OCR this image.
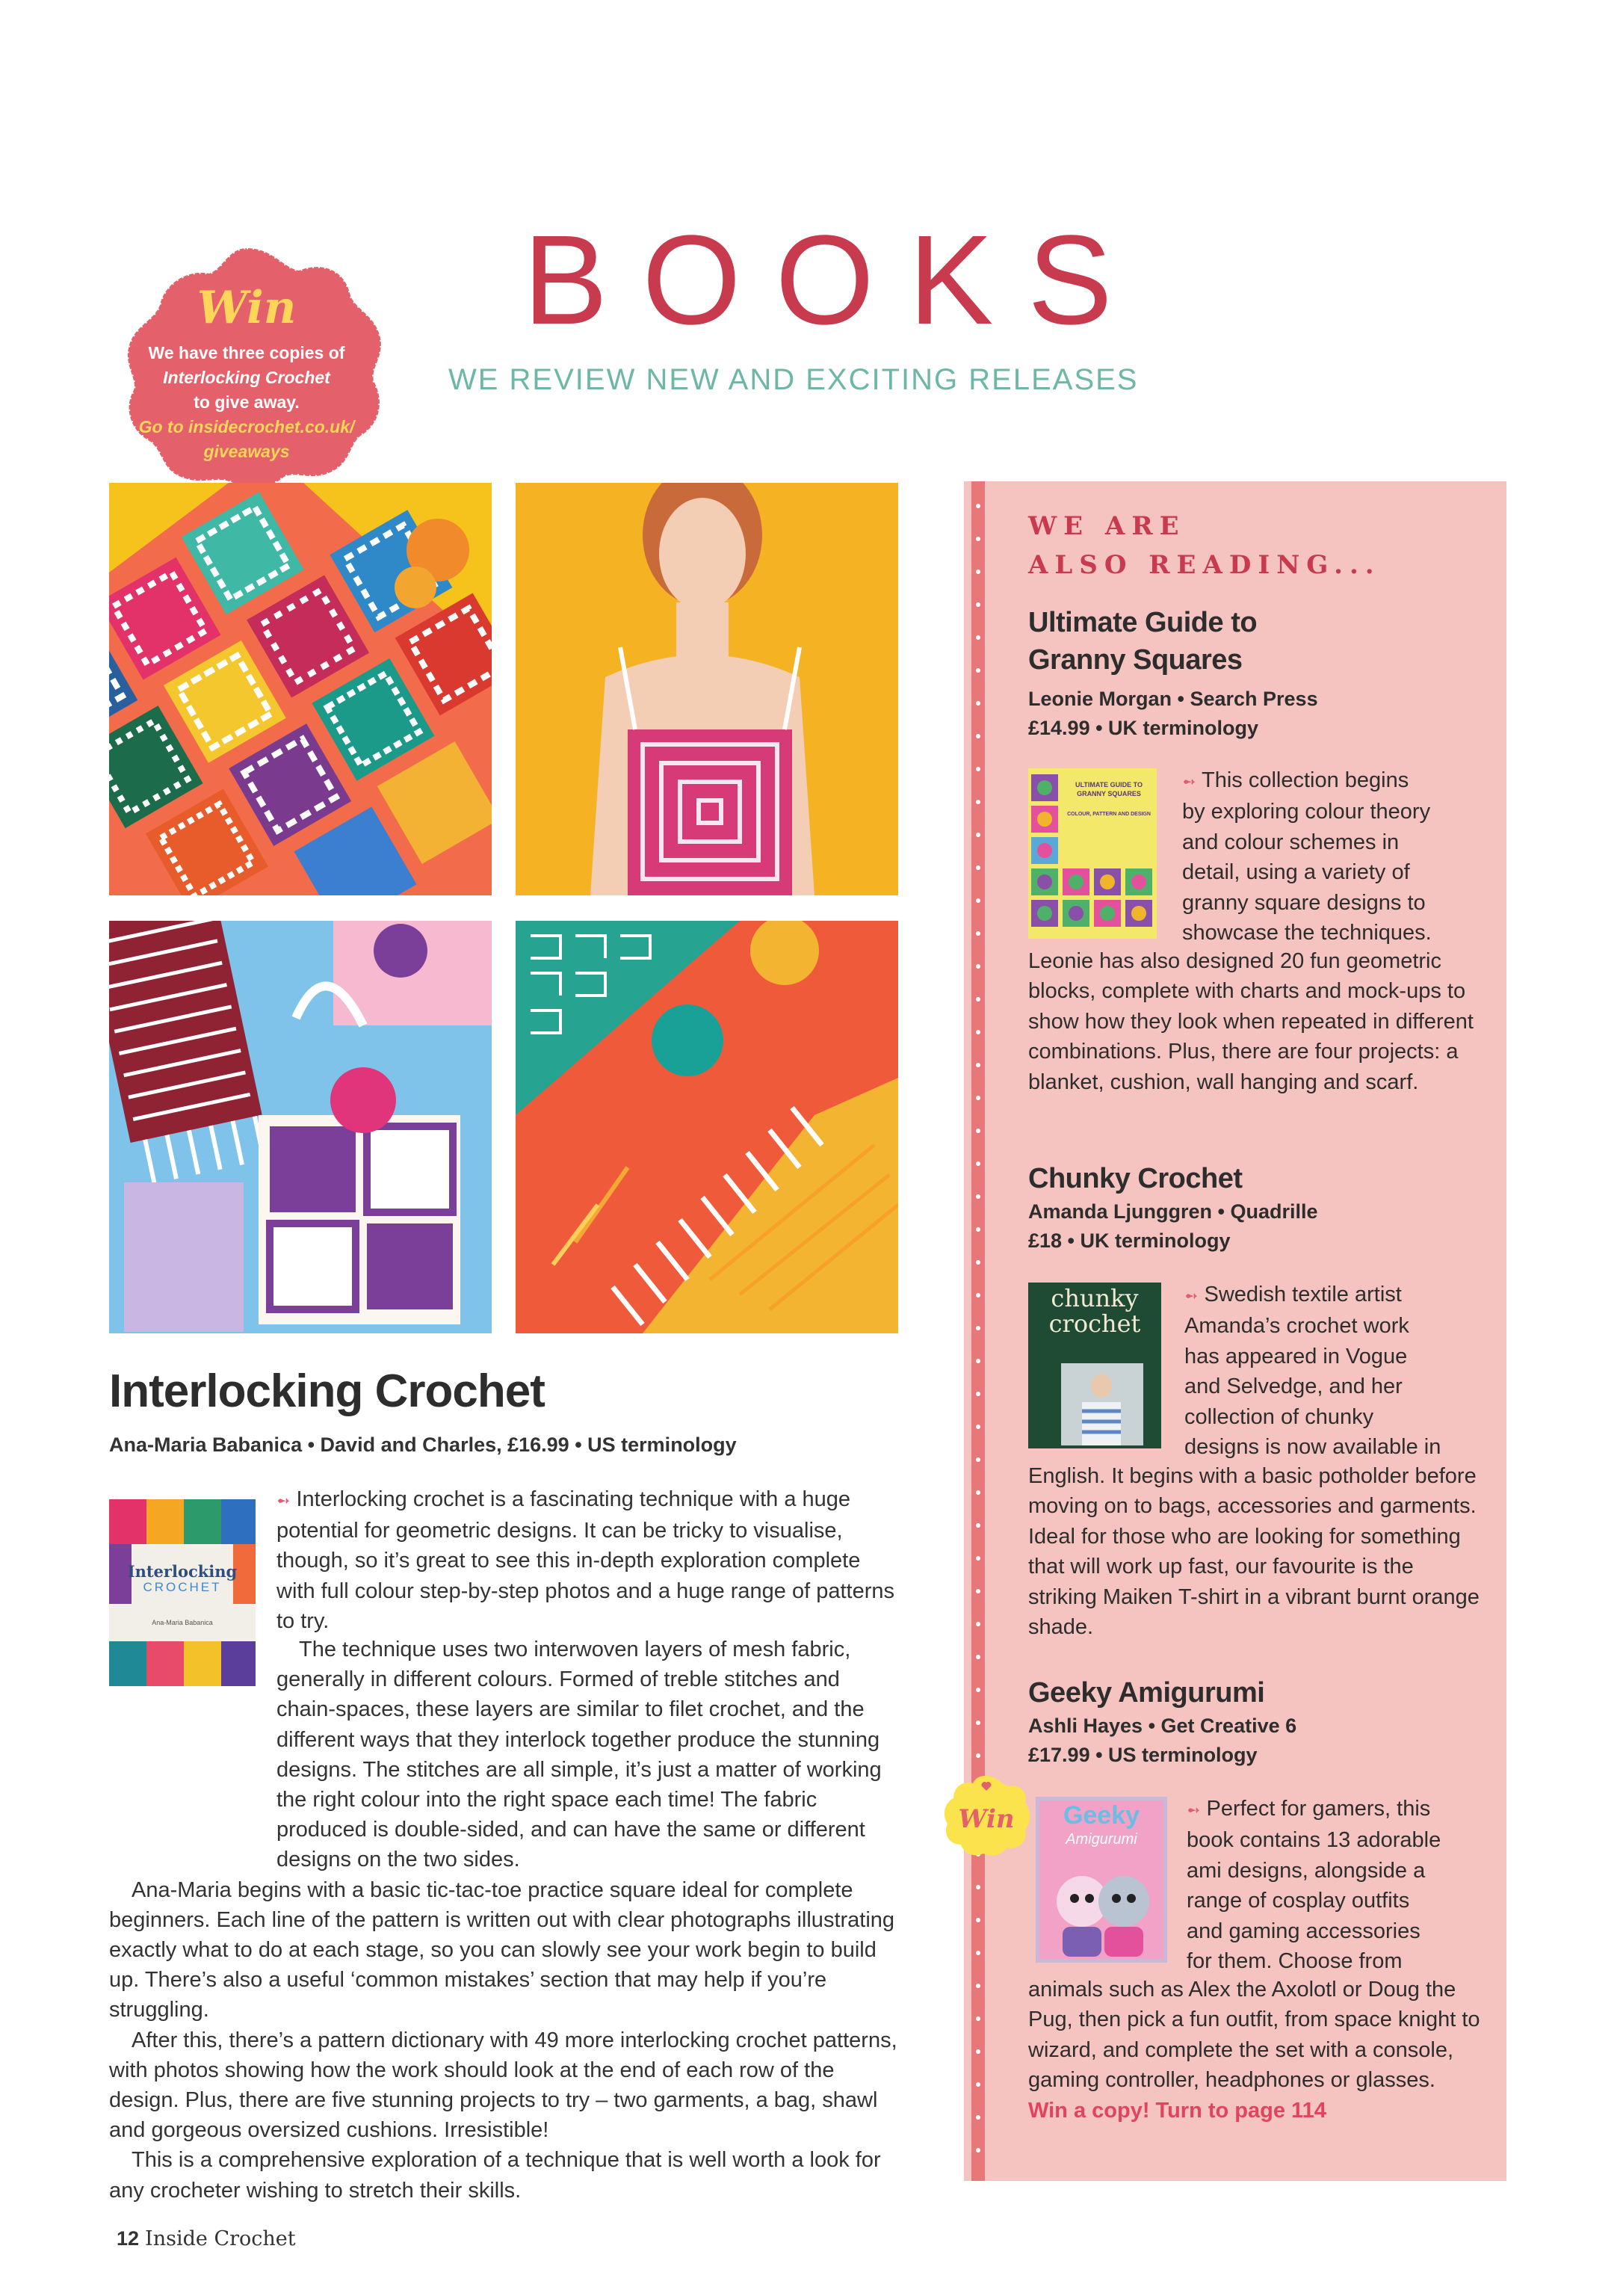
BOOKS
WE REVIEW NEW AND EXCITING RELEASES
Win
We have three copies of
Interlocking Crochet
to give away.
Go to insidecrochet.co.uk/
giveaways
Interlocking Crochet
Ana-Maria Babanica • David and Charles, £16.99 • US terminology
Interlocking
CROCHET
Ana-Maria Babanica
➻ Interlocking crochet is a fascinating technique with a huge potential for geometric designs. It can be tricky to visualise, though, so it’s great to see this in-depth exploration complete with full colour step-by-step photos and a huge range of patterns to try.
The technique uses two interwoven layers of mesh fabric, generally in different colours. Formed of treble stitches and chain-spaces, these layers are similar to filet crochet, and the different ways that they interlock together produce the stunning designs. The stitches are all simple, it’s just a matter of working the right colour into the right space each time! The fabric produced is double-sided, and can have the same or different designs on the two sides.
Ana-Maria begins with a basic tic-tac-toe practice square ideal for complete beginners. Each line of the pattern is written out with clear photographs illustrating exactly what to do at each stage, so you can slowly see your work begin to build up. There’s also a useful ‘common mistakes’ section that may help if you’re struggling.
After this, there’s a pattern dictionary with 49 more interlocking crochet patterns, with photos showing how the work should look at the end of each row of the design. Plus, there are five stunning projects to try – two garments, a bag, shawl and gorgeous oversized cushions. Irresistible!
This is a comprehensive exploration of a technique that is well worth a look for any crocheter wishing to stretch their skills.
WE ARE
ALSO READING...
Ultimate Guide to
Granny Squares
Leonie Morgan • Search Press
£14.99 • UK terminology
ULTIMATE GUIDE TO GRANNY SQUARES
COLOUR, PATTERN AND DESIGN
➻ This collection begins
by exploring colour theory
and colour schemes in
detail, using a variety of
granny square designs to
showcase the techniques.
Leonie has also designed 20 fun geometric blocks, complete with charts and mock-ups to show how they look when repeated in different combinations. Plus, there are four projects: a blanket, cushion, wall hanging and scarf.
Chunky Crochet
Amanda Ljunggren • Quadrille
£18 • UK terminology
chunky crochet
➻ Swedish textile artist
Amanda’s crochet work
has appeared in Vogue
and Selvedge, and her
collection of chunky
designs is now available in
English. It begins with a basic potholder before moving on to bags, accessories and garments. Ideal for those who are looking for something that will work up fast, our favourite is the striking Maiken T-shirt in a vibrant burnt orange shade.
Geeky Amigurumi
Ashli Hayes • Get Creative 6
£17.99 • US terminology
Geeky
Amigurumi
Win	➻ Perfect for gamers, this
book contains 13 adorable
ami designs, alongside a
range of cosplay outfits
and gaming accessories
for them. Choose from
animals such as Alex the Axolotl or Doug the Pug, then pick a fun outfit, from space knight to wizard, and complete the set with a console, gaming controller, headphones or glasses.
Win a copy! Turn to page 114
12 Inside Crochet
